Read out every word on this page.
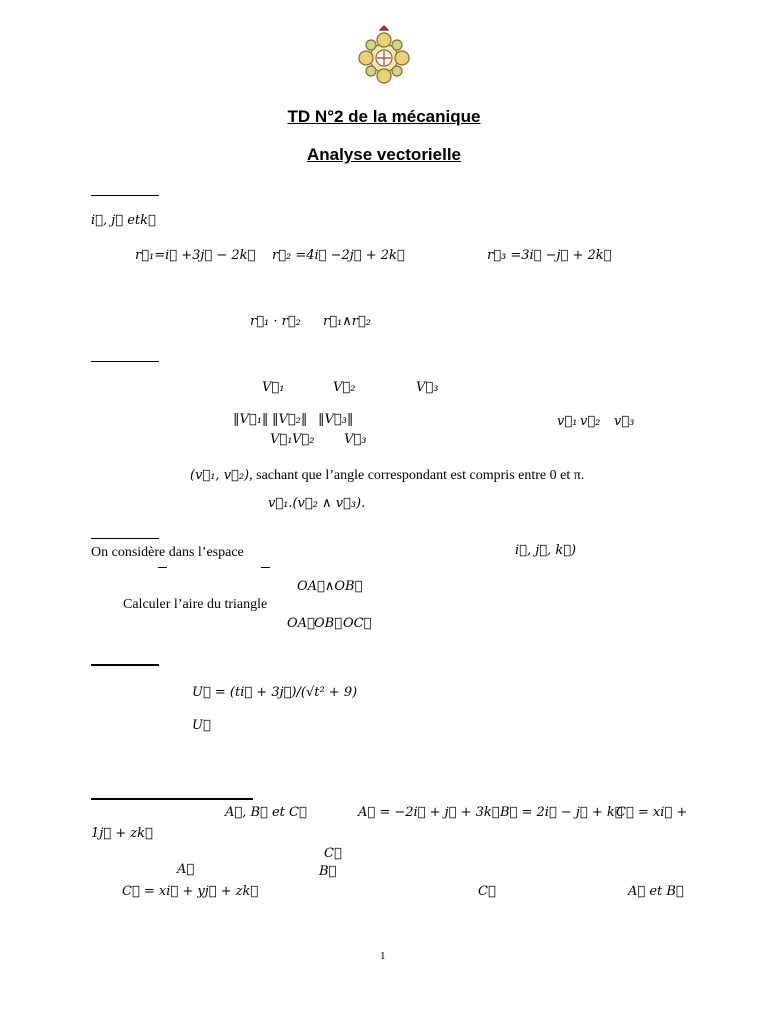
TD N°2 de la mécanique
Analyse vectorielle
i⃗, j⃗ etk⃗
r⃗₁=i⃗ +3j⃗ − 2k⃗ r⃗₂ =4i⃗ −2j⃗ + 2k⃗	r⃗₃ =3i⃗ −j⃗ + 2k⃗
r⃗₁ · r⃗₂ r⃗₁∧r⃗₂
V⃗₁	V⃗₂	V⃗₃
‖V⃗₁‖ ‖V⃗₂‖ ‖V⃗₃‖
V⃗₁ V⃗₂ V⃗₃
v⃗₁ v⃗₂ v⃗₃
(v⃗₁, v⃗₂), sachant que l’angle correspondant est compris entre 0 et π.
v⃗₁.(v⃗₂ ∧ v⃗₃).
On considère dans l’espace	i⃗, j⃗, k⃗)
OA⃗∧OB⃗
Calculer l’aire du triangle
OA⃗ OB⃗ OC⃗
U⃗ = (ti⃗ + 3j⃗)/(√t² + 9)
U⃗
A⃗, B⃗ et C⃗	A⃗ = −2i⃗ + j⃗ + 3k⃗ B⃗ = 2i⃗ − j⃗ + k⃗
C⃗ = xi⃗ +
1j⃗ + zk⃗
C⃗
B⃗
A⃗
C⃗ = xi⃗ + yj⃗ + zk⃗	C⃗	A⃗ et B⃗
1
